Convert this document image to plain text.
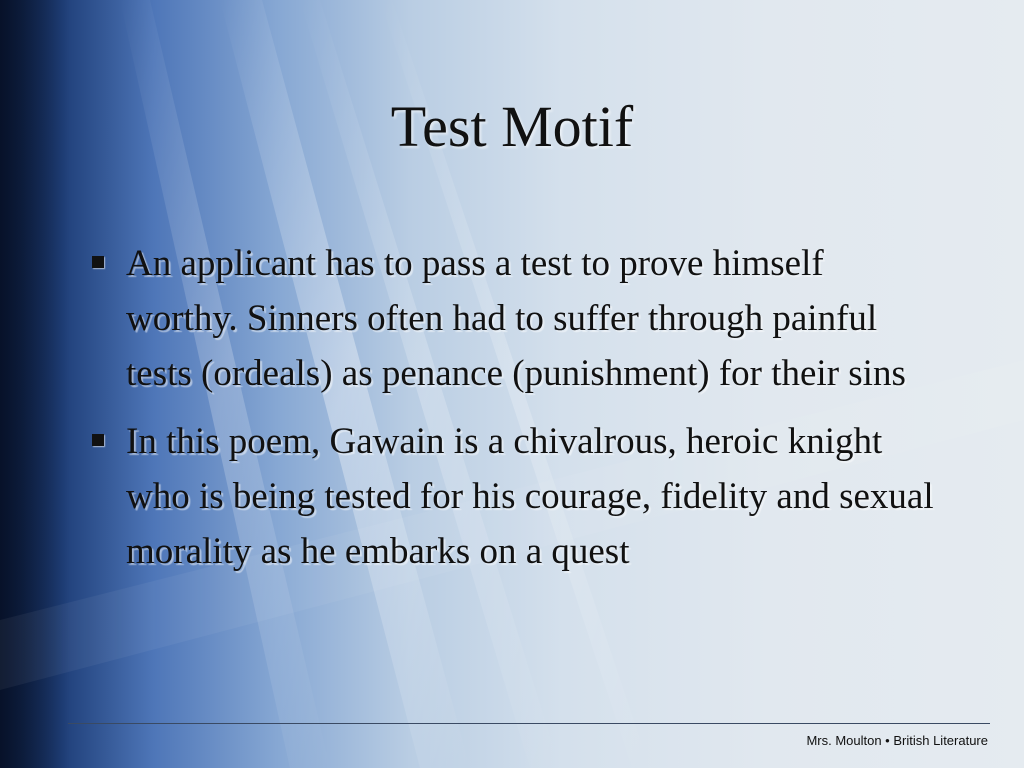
Test Motif
An applicant has to pass a test to prove himself worthy. Sinners often had to suffer through painful tests (ordeals) as penance (punishment) for their sins
In this poem, Gawain is a chivalrous, heroic knight who is being tested for his courage, fidelity and sexual morality as he embarks on a quest
Mrs. Moulton • British Literature
